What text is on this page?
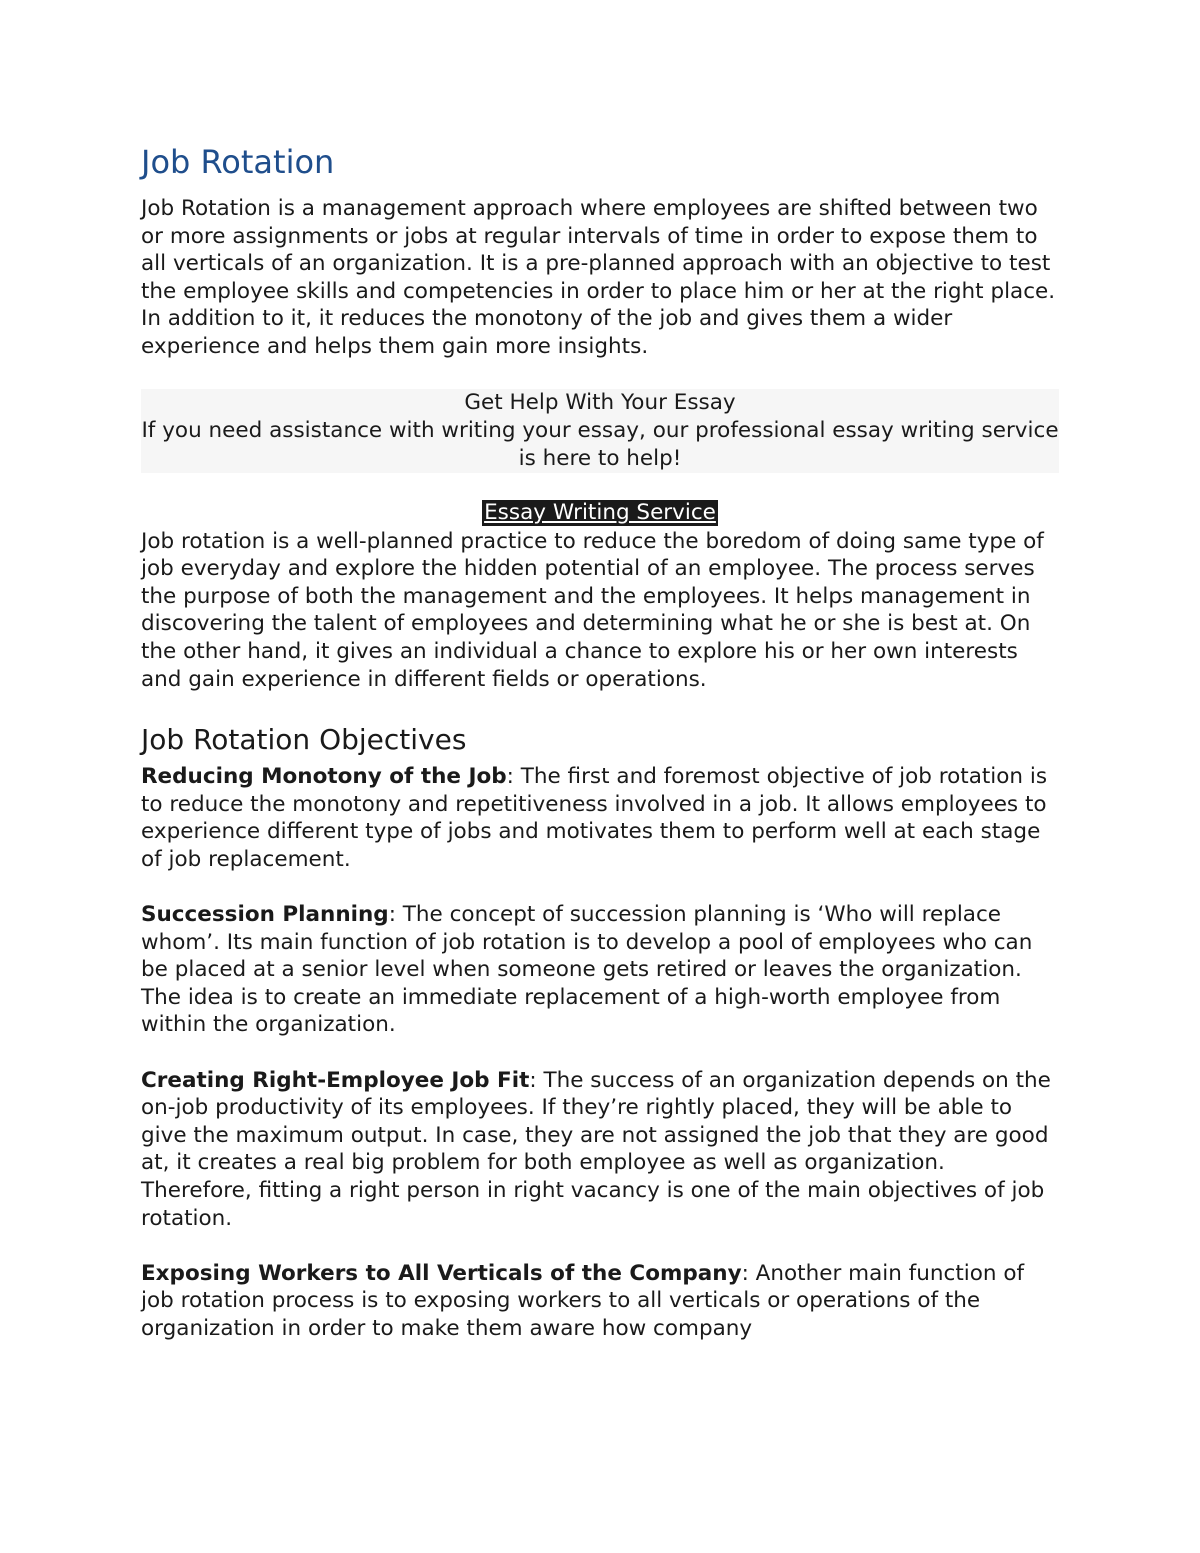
Job Rotation

Job Rotation is a management approach where employees are shifted between two or more assignments or jobs at regular intervals of time in order to expose them to all verticals of an organization. It is a pre-planned approach with an objective to test the employee skills and competencies in order to place him or her at the right place. In addition to it, it reduces the monotony of the job and gives them a wider experience and helps them gain more insights.

Get Help With Your Essay
If you need assistance with writing your essay, our professional essay writing service is here to help!
Essay Writing Service

Job rotation is a well-planned practice to reduce the boredom of doing same type of job everyday and explore the hidden potential of an employee. The process serves the purpose of both the management and the employees. It helps management in discovering the talent of employees and determining what he or she is best at. On the other hand, it gives an individual a chance to explore his or her own interests and gain experience in different fields or operations.

Job Rotation Objectives

Reducing Monotony of the Job: The first and foremost objective of job rotation is to reduce the monotony and repetitiveness involved in a job. It allows employees to experience different type of jobs and motivates them to perform well at each stage of job replacement.

Succession Planning: The concept of succession planning is ‘Who will replace whom’. Its main function of job rotation is to develop a pool of employees who can be placed at a senior level when someone gets retired or leaves the organization. The idea is to create an immediate replacement of a high-worth employee from within the organization.

Creating Right-Employee Job Fit: The success of an organization depends on the on-job productivity of its employees. If they’re rightly placed, they will be able to give the maximum output. In case, they are not assigned the job that they are good at, it creates a real big problem for both employee as well as organization. Therefore, fitting a right person in right vacancy is one of the main objectives of job rotation.

Exposing Workers to All Verticals of the Company: Another main function of job rotation process is to exposing workers to all verticals or operations of the organization in order to make them aware how company
